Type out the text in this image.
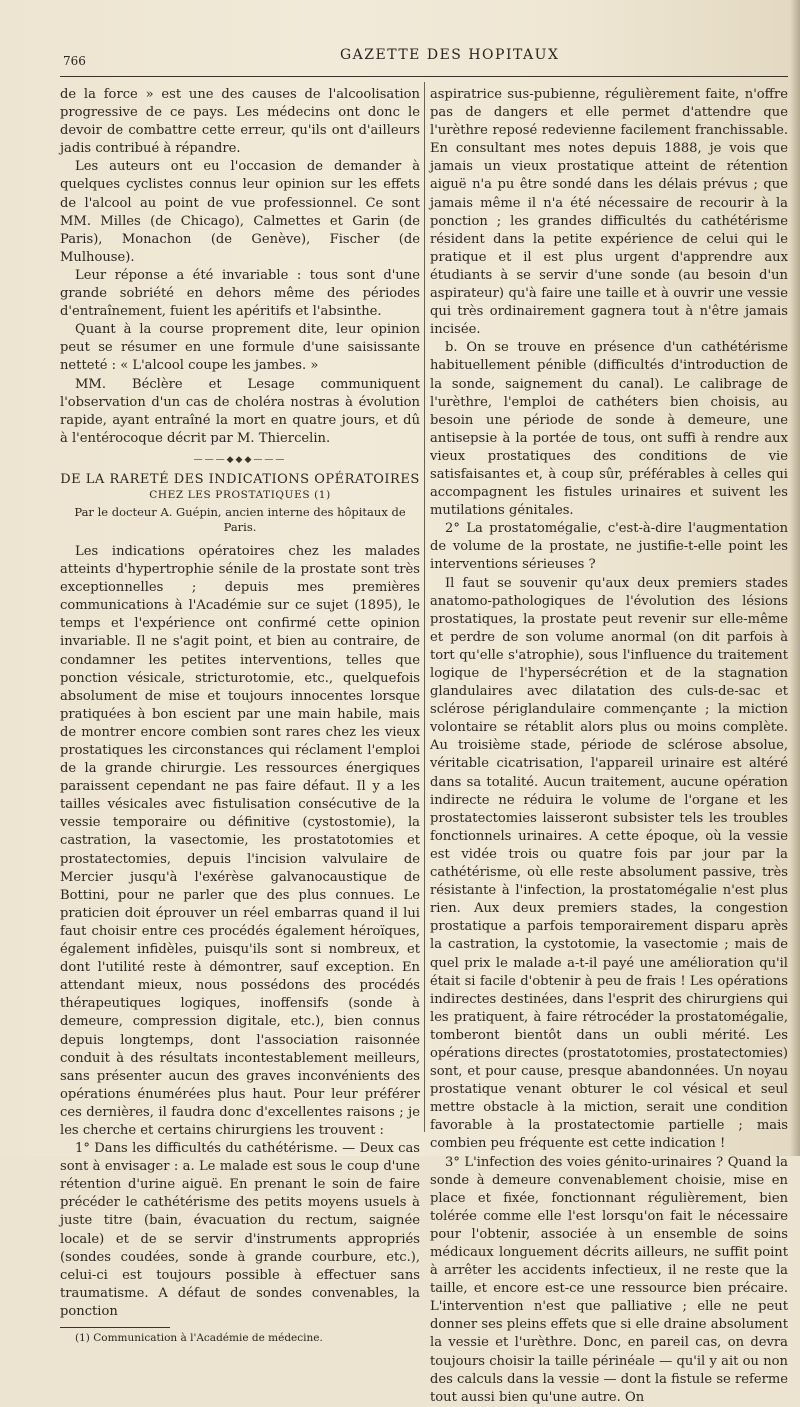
766	GAZETTE DES HOPITAUX

de la force » est une des causes de l'alcoolisation progressive de ce pays. Les médecins ont donc le devoir de combattre cette erreur, qu'ils ont d'ailleurs jadis contribué à répandre.

Les auteurs ont eu l'occasion de demander à quelques cyclistes connus leur opinion sur les effets de l'alcool au point de vue professionnel. Ce sont MM. Milles (de Chicago), Calmettes et Garin (de Paris), Monachon (de Genève), Fischer (de Mulhouse).

Leur réponse a été invariable : tous sont d'une grande sobriété en dehors même des périodes d'entraînement, fuient les apéritifs et l'absinthe.

Quant à la course proprement dite, leur opinion peut se résumer en une formule d'une saisissante netteté : « L'alcool coupe les jambes. »

MM. Béclère et Lesage communiquent l'observation d'un cas de choléra nostras à évolution rapide, ayant entraîné la mort en quatre jours, et dû à l'entérocoque décrit par M. Thiercelin.

———◆◆◆———
DE LA RARETÉ DES INDICATIONS OPÉRATOIRES
CHEZ LES PROSTATIQUES (1)
Par le docteur A. Guépin, ancien interne des hôpitaux de Paris.

Les indications opératoires chez les malades atteints d'hypertrophie sénile de la prostate sont très exceptionnelles ; depuis mes premières communications à l'Académie sur ce sujet (1895), le temps et l'expérience ont confirmé cette opinion invariable. Il ne s'agit point, et bien au contraire, de condamner les petites interventions, telles que ponction vésicale, stricturotomie, etc., quelquefois absolument de mise et toujours innocentes lorsque pratiquées à bon escient par une main habile, mais de montrer encore combien sont rares chez les vieux prostatiques les circonstances qui réclament l'emploi de la grande chirurgie. Les ressources énergiques paraissent cependant ne pas faire défaut. Il y a les tailles vésicales avec fistulisation consécutive de la vessie temporaire ou définitive (cystostomie), la castration, la vasectomie, les prostatotomies et prostatectomies, depuis l'incision valvulaire de Mercier jusqu'à l'exérèse galvanocaustique de Bottini, pour ne parler que des plus connues. Le praticien doit éprouver un réel embarras quand il lui faut choisir entre ces procédés également héroïques, également infidèles, puisqu'ils sont si nombreux, et dont l'utilité reste à démontrer, sauf exception. En attendant mieux, nous possédons des procédés thérapeutiques logiques, inoffensifs (sonde à demeure, compression digitale, etc.), bien connus depuis longtemps, dont l'association raisonnée conduit à des résultats incontestablement meilleurs, sans présenter aucun des graves inconvénients des opérations énumérées plus haut. Pour leur préférer ces dernières, il faudra donc d'excellentes raisons ; je les cherche et certains chirurgiens les trouvent :

1° Dans les difficultés du cathétérisme. — Deux cas sont à envisager : a. Le malade est sous le coup d'une rétention d'urine aiguë. En prenant le soin de faire précéder le cathétérisme des petits moyens usuels à juste titre (bain, évacuation du rectum, saignée locale) et de se servir d'instruments appropriés (sondes coudées, sonde à grande courbure, etc.), celui-ci est toujours possible à effectuer sans traumatisme. A défaut de sondes convenables, la ponction

(1) Communication à l'Académie de médecine.

aspiratrice sus-pubienne, régulièrement faite, n'offre pas de dangers et elle permet d'attendre que l'urèthre reposé redevienne facilement franchissable. En consultant mes notes depuis 1888, je vois que jamais un vieux prostatique atteint de rétention aiguë n'a pu être sondé dans les délais prévus ; que jamais même il n'a été nécessaire de recourir à la ponction ; les grandes difficultés du cathétérisme résident dans la petite expérience de celui qui le pratique et il est plus urgent d'apprendre aux étudiants à se servir d'une sonde (au besoin d'un aspirateur) qu'à faire une taille et à ouvrir une vessie qui très ordinairement gagnera tout à n'être jamais incisée.

b. On se trouve en présence d'un cathétérisme habituellement pénible (difficultés d'introduction de la sonde, saignement du canal). Le calibrage de l'urèthre, l'emploi de cathéters bien choisis, au besoin une période de sonde à demeure, une antisepsie à la portée de tous, ont suffi à rendre aux vieux prostatiques des conditions de vie satisfaisantes et, à coup sûr, préférables à celles qui accompagnent les fistules urinaires et suivent les mutilations génitales.

2° La prostatomégalie, c'est-à-dire l'augmentation de volume de la prostate, ne justifie-t-elle point les interventions sérieuses ?

Il faut se souvenir qu'aux deux premiers stades anatomo-pathologiques de l'évolution des lésions prostatiques, la prostate peut revenir sur elle-même et perdre de son volume anormal (on dit parfois à tort qu'elle s'atrophie), sous l'influence du traitement logique de l'hypersécrétion et de la stagnation glandulaires avec dilatation des culs-de-sac et sclérose périglandulaire commençante ; la miction volontaire se rétablit alors plus ou moins complète. Au troisième stade, période de sclérose absolue, véritable cicatrisation, l'appareil urinaire est altéré dans sa totalité. Aucun traitement, aucune opération indirecte ne réduira le volume de l'organe et les prostatectomies laisseront subsister tels les troubles fonctionnels urinaires. A cette époque, où la vessie est vidée trois ou quatre fois par jour par la cathétérisme, où elle reste absolument passive, très résistante à l'infection, la prostatomégalie n'est plus rien. Aux deux premiers stades, la congestion prostatique a parfois temporairement disparu après la castration, la cystotomie, la vasectomie ; mais de quel prix le malade a-t-il payé une amélioration qu'il était si facile d'obtenir à peu de frais ! Les opérations indirectes destinées, dans l'esprit des chirurgiens qui les pratiquent, à faire rétrocéder la prostatomégalie, tomberont bientôt dans un oubli mérité. Les opérations directes (prostatotomies, prostatectomies) sont, et pour cause, presque abandonnées. Un noyau prostatique venant obturer le col vésical et seul mettre obstacle à la miction, serait une condition favorable à la prostatectomie partielle ; mais combien peu fréquente est cette indication !

3° L'infection des voies génito-urinaires ? Quand la sonde à demeure convenablement choisie, mise en place et fixée, fonctionnant régulièrement, bien tolérée comme elle l'est lorsqu'on fait le nécessaire pour l'obtenir, associée à un ensemble de soins médicaux longuement décrits ailleurs, ne suffit point à arrêter les accidents infectieux, il ne reste que la taille, et encore est-ce une ressource bien précaire. L'intervention n'est que palliative ; elle ne peut donner ses pleins effets que si elle draine absolument la vessie et l'urèthre. Donc, en pareil cas, on devra toujours choisir la taille périnéale — qu'il y ait ou non des calculs dans la vessie — dont la fistule se referme tout aussi bien qu'une autre. On
